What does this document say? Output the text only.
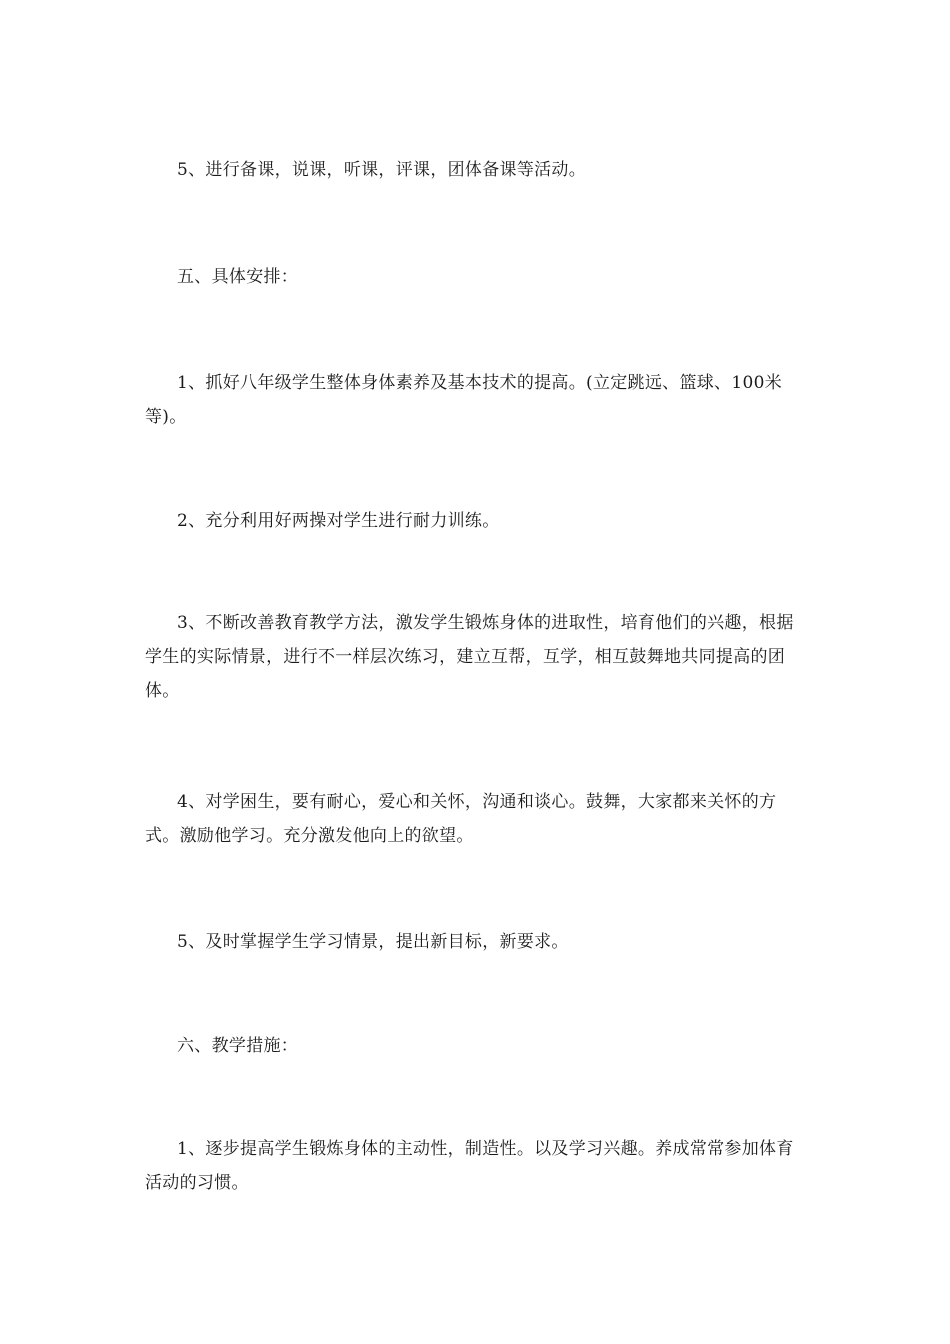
5、进行备课，说课，听课，评课，团体备课等活动。

五、具体安排：

1、抓好八年级学生整体身体素养及基本技术的提高。(立定跳远、篮球、100米等)。

2、充分利用好两操对学生进行耐力训练。

3、不断改善教育教学方法，激发学生锻炼身体的进取性，培育他们的兴趣，根据学生的实际情景，进行不一样层次练习，建立互帮，互学，相互鼓舞地共同提高的团体。

4、对学困生，要有耐心，爱心和关怀，沟通和谈心。鼓舞，大家都来关怀的方式。激励他学习。充分激发他向上的欲望。

5、及时掌握学生学习情景，提出新目标，新要求。

六、教学措施：

1、逐步提高学生锻炼身体的主动性，制造性。以及学习兴趣。养成常常参加体育活动的习惯。
